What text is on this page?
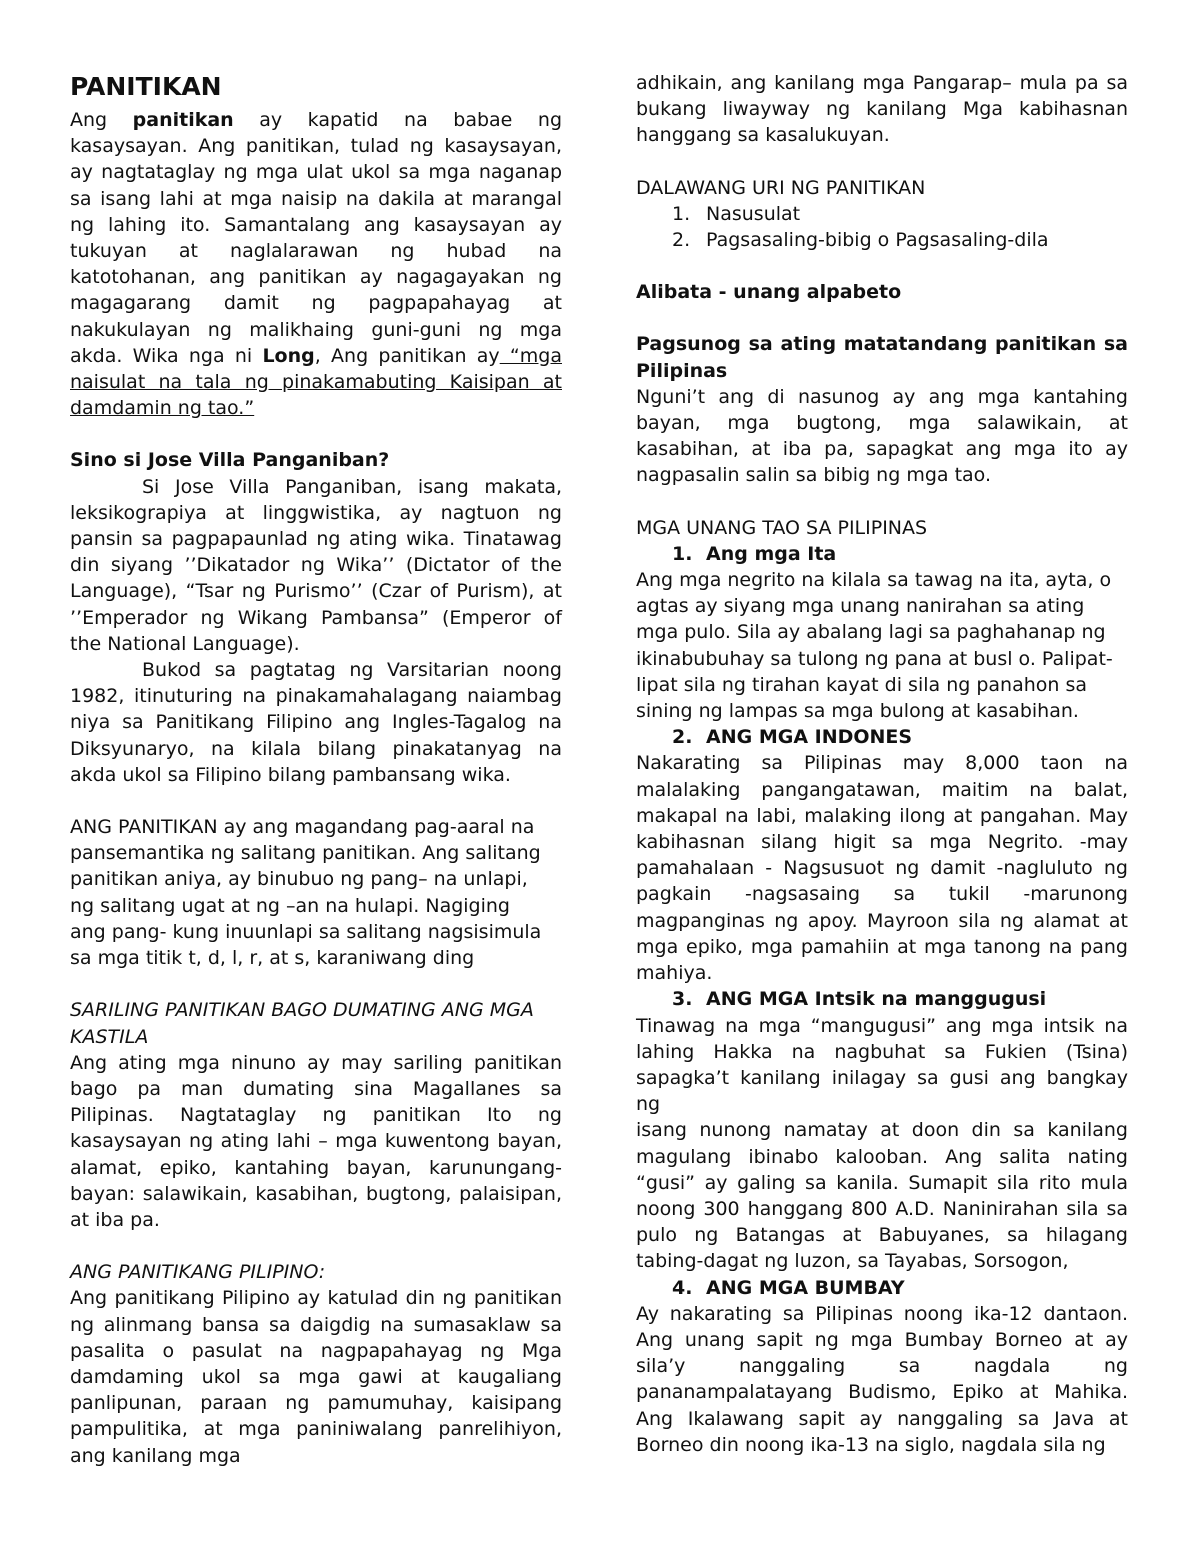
PANITIKAN

Ang panitikan ay kapatid na babae ng kasaysayan. Ang panitikan, tulad ng kasaysayan, ay nagtataglay ng mga ulat ukol sa mga naganap sa isang lahi at mga naisip na dakila at marangal ng lahing ito. Samantalang ang kasaysayan ay tukuyan at naglalarawan ng hubad na katotohanan, ang panitikan ay nagagayakan ng magagarang damit ng pagpapahayag at nakukulayan ng malikhaing guni-guni ng mga akda. Wika nga ni Long, Ang panitikan ay “mga naisulat na tala ng pinakamabuting Kaisipan at damdamin ng tao.”

Sino si Jose Villa Panganiban?

Si Jose Villa Panganiban, isang makata, leksikograpiya at linggwistika, ay nagtuon ng pansin sa pagpapaunlad ng ating wika. Tinatawag din siyang ’’Dikatador ng Wika’’ (Dictator of the Language), “Tsar ng Purismo’’ (Czar of Purism), at ’’Emperador ng Wikang Pambansa” (Emperor of the National Language).

Bukod sa pagtatag ng Varsitarian noong 1982, itinuturing na pinakamahalagang naiambag niya sa Panitikang Filipino ang Ingles-Tagalog na Diksyunaryo, na kilala bilang pinakatanyag na akda ukol sa Filipino bilang pambansang wika.

ANG PANITIKAN ay ang magandang pag-aaral na

pansemantika ng salitang panitikan. Ang salitang

panitikan aniya, ay binubuo ng pang– na unlapi,

ng salitang ugat at ng –an na hulapi. Nagiging

ang pang- kung inuunlapi sa salitang nagsisimula

sa mga titik t, d, l, r, at s, karaniwang ding

SARILING PANITIKAN BAGO DUMATING ANG MGA KASTILA

Ang ating mga ninuno ay may sariling panitikan bago pa man dumating sina Magallanes sa Pilipinas. Nagtataglay ng panitikan Ito ng kasaysayan ng ating lahi – mga kuwentong bayan, alamat, epiko, kantahing bayan, karunungang-bayan: salawikain, kasabihan, bugtong, palaisipan, at iba pa.

ANG PANITIKANG PILIPINO:

Ang panitikang Pilipino ay katulad din ng panitikan ng alinmang bansa sa daigdig na sumasaklaw sa pasalita o pasulat na nagpapahayag ng Mga damdaming ukol sa mga gawi at kaugaliang panlipunan, paraan ng pamumuhay, kaisipang pampulitika, at mga paniniwalang panrelihiyon, ang kanilang mga

adhikain, ang kanilang mga Pangarap– mula pa sa bukang liwayway ng kanilang Mga kabihasnan hanggang sa kasalukuyan.

DALAWANG URI NG PANITIKAN

1. Nasusulat
2. Pagsasaling-bibig o Pagsasaling-dila

Alibata - unang alpabeto

Pagsunog sa ating matatandang panitikan sa Pilipinas

Nguni’t ang di nasunog ay ang mga kantahing bayan, mga bugtong, mga salawikain, at kasabihan, at iba pa, sapagkat ang mga ito ay nagpasalin salin sa bibig ng mga tao.

MGA UNANG TAO SA PILIPINAS

1. Ang mga Ita

Ang mga negrito na kilala sa tawag na ita, ayta, o

agtas ay siyang mga unang nanirahan sa ating

mga pulo. Sila ay abalang lagi sa paghahanap ng

ikinabubuhay sa tulong ng pana at busl o. Palipat-

lipat sila ng tirahan kayat di sila ng panahon sa

sining ng lampas sa mga bulong at kasabihan.

2. ANG MGA INDONES

Nakarating sa Pilipinas may 8,000 taon na malalaking pangangatawan, maitim na balat, makapal na labi, malaking ilong at pangahan. May kabihasnan silang higit sa mga Negrito. -may pamahalaan - Nagsusuot ng damit -nagluluto ng pagkain -nagsasaing sa tukil -marunong magpanginas ng apoy. Mayroon sila ng alamat at mga epiko, mga pamahiin at mga tanong na pang mahiya.

3. ANG MGA Intsik na manggugusi

Tinawag na mga “mangugusi” ang mga intsik na lahing Hakka na nagbuhat sa Fukien (Tsina) sapagka’t kanilang inilagay sa gusi ang bangkay ng

isang nunong namatay at doon din sa kanilang magulang ibinabo kalooban. Ang salita nating “gusi” ay galing sa kanila. Sumapit sila rito mula noong 300 hanggang 800 A.D. Naninirahan sila sa pulo ng Batangas at Babuyanes, sa hilagang tabing-dagat ng luzon, sa Tayabas, Sorsogon,

4. ANG MGA BUMBAY

Ay nakarating sa Pilipinas noong ika-12 dantaon. Ang unang sapit ng mga Bumbay Borneo at ay sila’y nanggaling sa nagdala ng pananampalatayang Budismo, Epiko at Mahika. Ang Ikalawang sapit ay nanggaling sa Java at Borneo din noong ika-13 na siglo, nagdala sila ng
